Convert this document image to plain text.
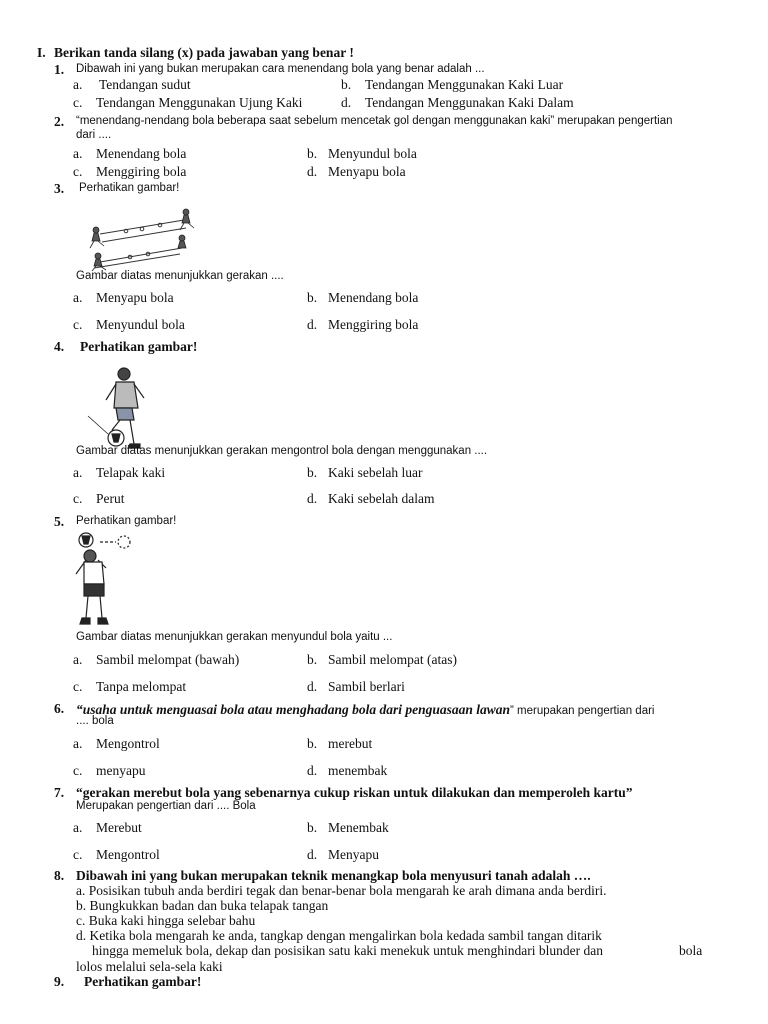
I. Berikan tanda silang (x) pada jawaban yang benar !
1. Dibawah ini yang bukan merupakan cara menendang bola yang benar adalah ...
a. Tendangan sudut	b. Tendangan Menggunakan Kaki Luar
c. Tendangan Menggunakan Ujung Kaki	d. Tendangan Menggunakan Kaki Dalam
2. “menendang-nendang bola beberapa saat sebelum mencetak gol dengan menggunakan kaki” merupakan pengertian
dari ....
a. Menendang bola	b. Menyundul bola
c. Menggiring bola	d. Menyapu bola
3. Perhatikan gambar!
Gambar diatas menunjukkan gerakan ....
a. Menyapu bola	b. Menendang bola
c. Menyundul bola	d. Menggiring bola
4. Perhatikan gambar!
Gambar diatas menunjukkan gerakan mengontrol bola dengan menggunakan ....
a. Telapak kaki	b. Kaki sebelah luar
c. Perut	d. Kaki sebelah dalam
5. Perhatikan gambar!
Gambar diatas menunjukkan gerakan menyundul bola yaitu ...
a. Sambil melompat (bawah)	b. Sambil melompat (atas)
c. Tanpa melompat	d. Sambil berlari
6. “usaha untuk menguasai bola atau menghadang bola dari penguasaan lawan” merupakan pengertian dari
.... bola
a. Mengontrol	b. merebut
c. menyapu	d. menembak
7. “gerakan merebut bola yang sebenarnya cukup riskan untuk dilakukan dan memperoleh kartu”
Merupakan pengertian dari .... Bola
a. Merebut	b. Menembak
c. Mengontrol	d. Menyapu
8. Dibawah ini yang bukan merupakan teknik menangkap bola menyusuri tanah adalah ….
a. Posisikan tubuh anda berdiri tegak dan benar-benar bola mengarah ke arah dimana anda berdiri.
b. Bungkukkan badan dan buka telapak tangan
c. Buka kaki hingga selebar bahu
d. Ketika bola mengarah ke anda, tangkap dengan mengalirkan bola kedada sambil tangan ditarik
hingga memeluk bola, dekap dan posisikan satu kaki menekuk untuk menghindari blunder dan	bola
lolos melalui sela-sela kaki
9. Perhatikan gambar!
